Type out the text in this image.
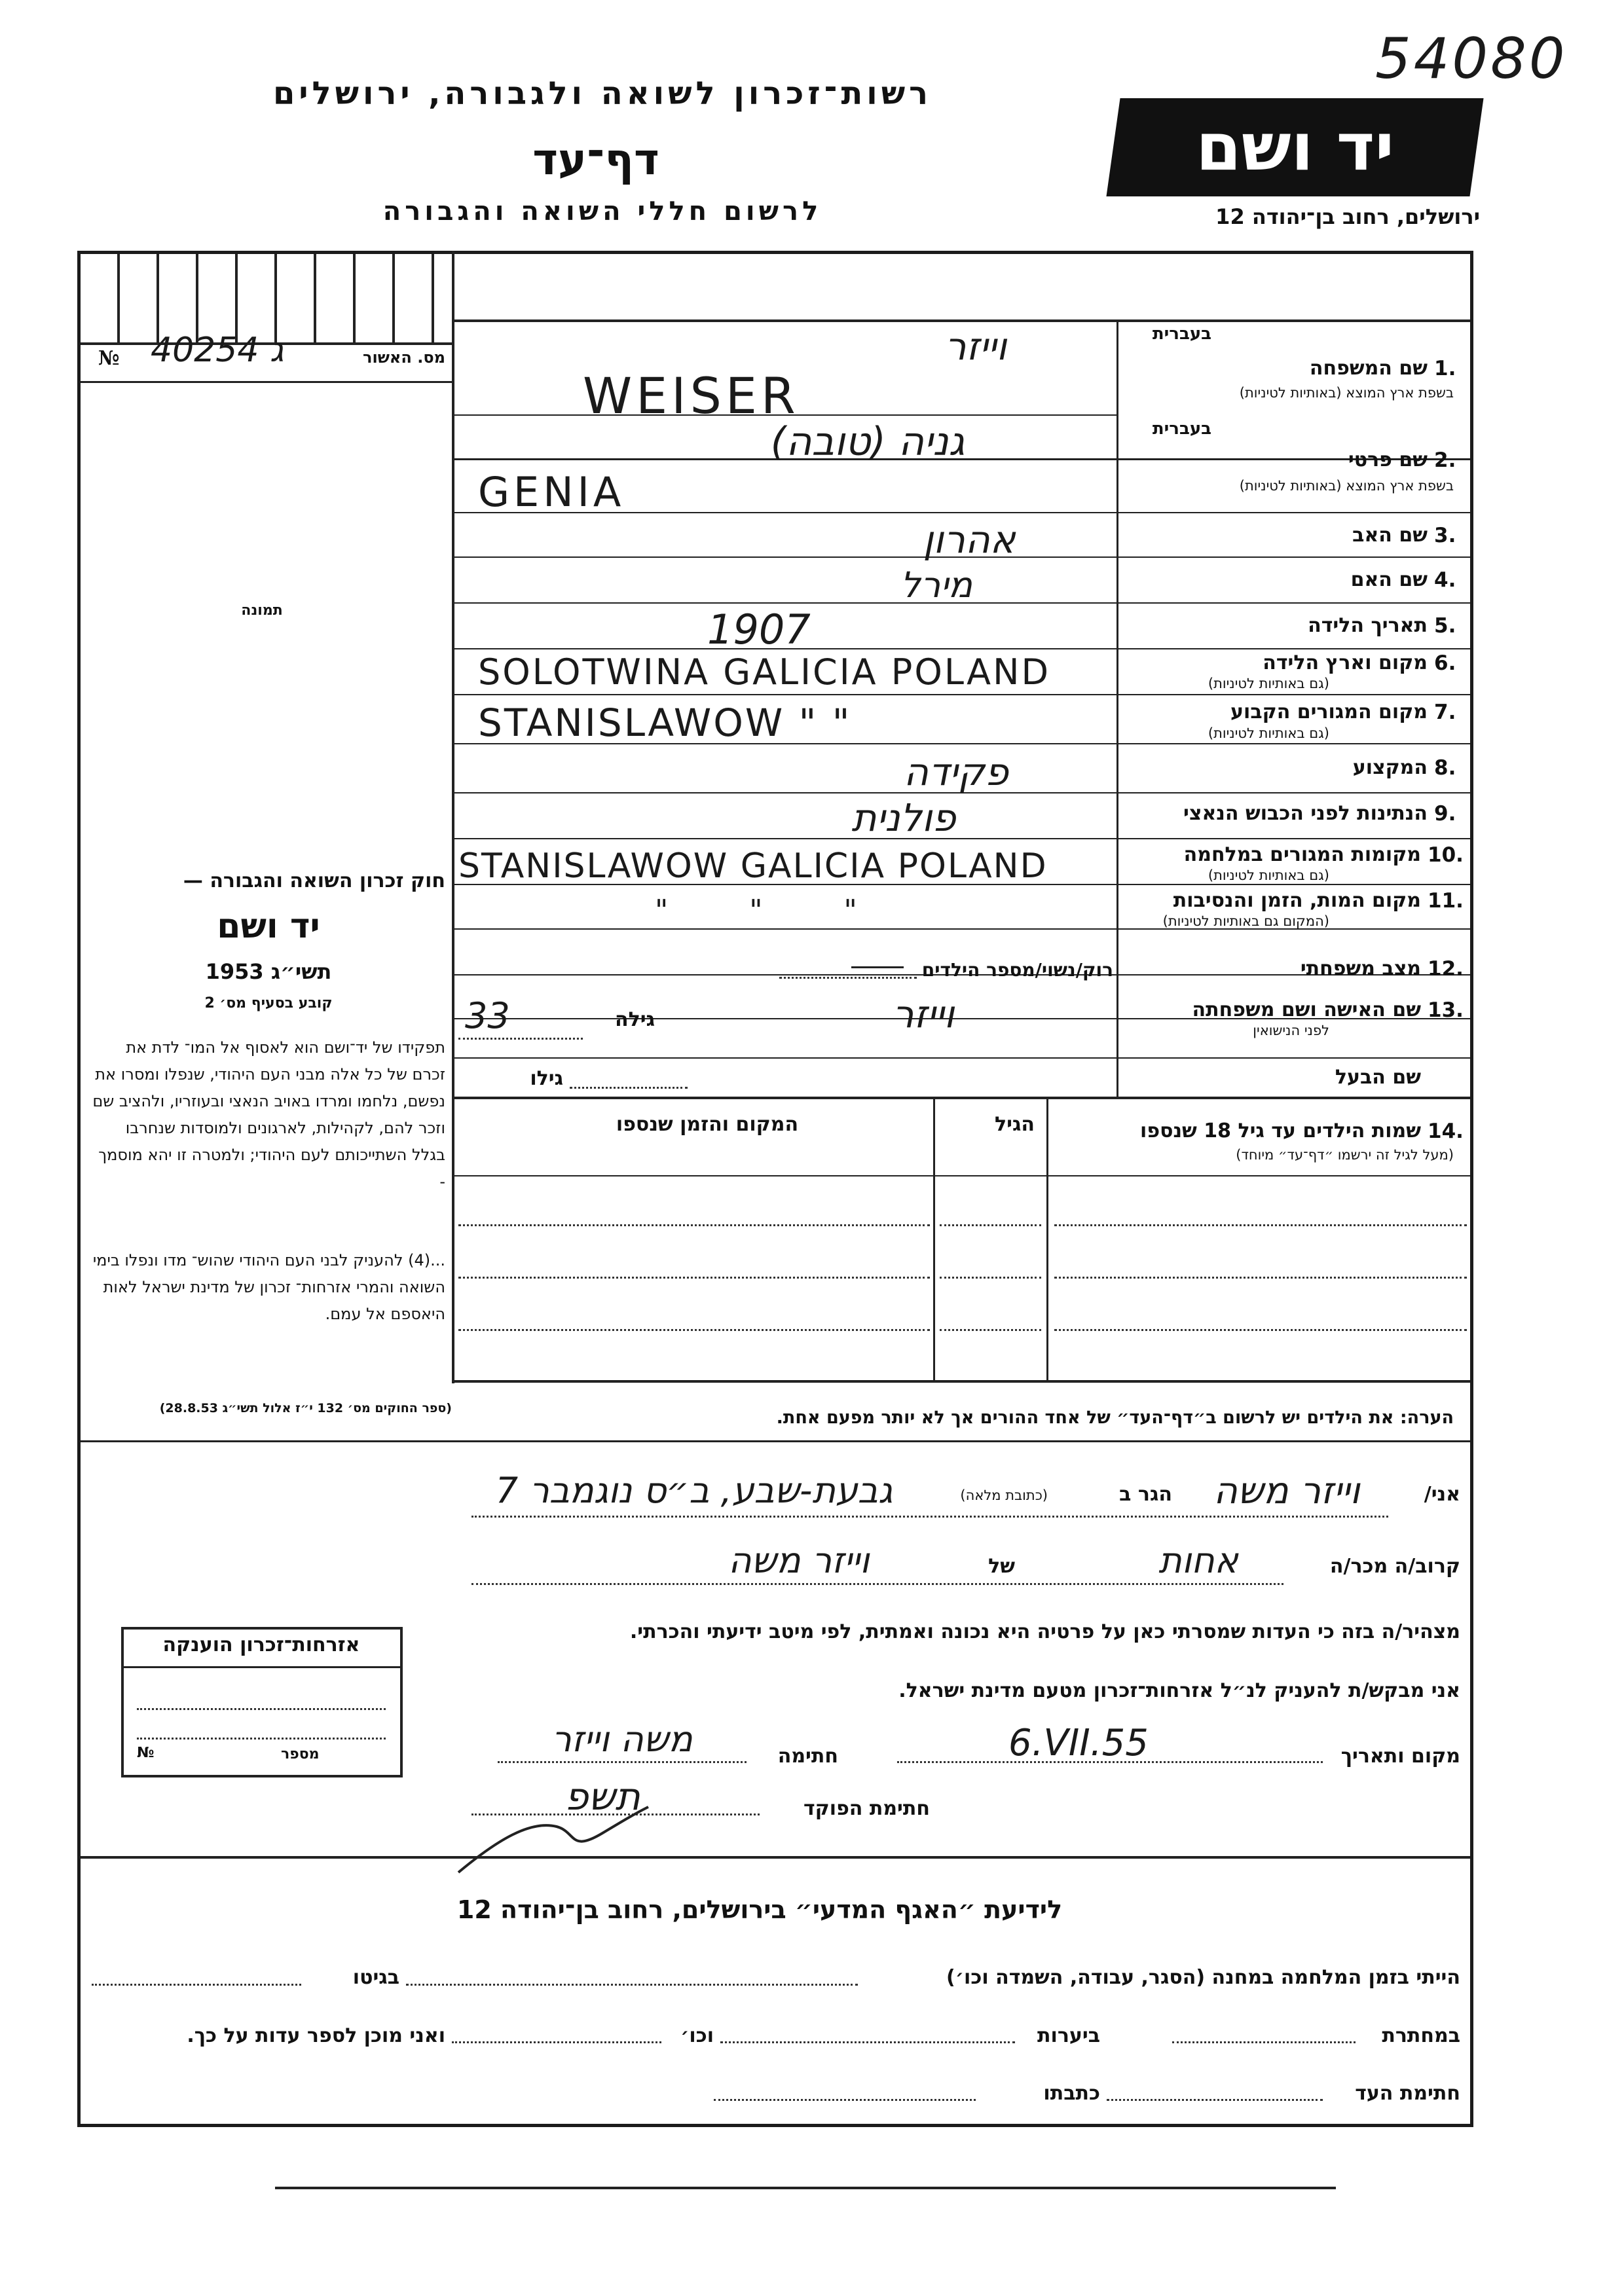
54080
רשות־זכרון לשואה ולגבורה, ירושלים
דף־עד
לרשום חללי השואה והגבורה
יד ושם
ירושלים, רחוב בן־יהודה 12
№ 40254 ג	מס. האשור
תמונה
חוק זכרון השואה והגבורה —
יד ושם
תשי״ג 1953
קובע בסעיף מס׳ 2
תפקידו של יד־ושם הוא לאסוף אל המו־ לדת את זכרם של כל אלה מבני העם היהודי, שנפלו ומסרו את נפשם, נלחמו ומרדו באויב הנאצי ובעוזריו, ולהציב שם וזכר להם, לקהילות, לארגונים ולמוסדות שנחרבו בגלל השתייכותם לעם היהודי; ולמטרה זו יהא מוסמך -
...(4) להעניק לבני העם היהודי שהוש־ מדו ונפלו בימי השואה והמרי אזרחות־ זכרון של מדינת ישראל לאות היאספם אל עמם.
(ספר החוקים מס׳ 132 י״ז אלול תשי״ג 28.8.53)
בעברית
1.
שם המשפחה
בשפת ארץ המוצא (באותיות לטיניות)
וייזר
WEISER
בעברית
2.
שם פרטי
בשפת ארץ המוצא (באותיות לטיניות)
גניה (טובה)
GENIA
3.
שם האב
אהרון
4.
שם האם
מירל
5.
תאריך הלידה
1907
6.
מקום וארץ הלידה
(גם באותיות לטיניות)
SOLOTWINA GALICIA POLAND
7.
מקום המגורים הקבוע
(גם באותיות לטיניות)
STANISLAWOW " "
8.
המקצוע
פקידה
9.
הנתינות לפני הכבוש הנאצי
פולנית
10.
מקומות המגורים במלחמה
(גם באותיות לטיניות)
STANISLAWOW GALICIA POLAND
11.
מקום המות, הזמן והנסיבות
(המקום גם באותיות לטיניות)
" " "
12.
מצב משפחתי
רוק/נשוי/מספר הילדים
13.
שם האישה ושם משפחתה
לפני הנישואין
וייזר
גילה
33
שם הבעל
גילו
14.
שמות הילדים עד גיל 18 שנספו
(מעל לגיל זה ירשמו ״דף־עד״ מיוחד)
הגיל
המקום והזמן שנספו
הערה: את הילדים יש לרשום ב״דף־העד״ של אחד ההורים אך לא יותר מפעם אחת.
אני/
וייזר משה
הגר ב
(כתובת מלאה)
גבעת-שבע, ב״ס נוגמבר 7
קרוב/ה מכר/ה
אחות
של
וייזר משה
מצהיר/ה בזה כי העדות שמסרתי כאן על פרטיה היא נכונה ואמתית, לפי מיטב ידיעתי והכרתי.
אני מבקש/ת להעניק לנ״ל אזרחות־זכרון מטעם מדינת ישראל.
מקום ותאריך
6.VII.55
חתימה
משה וייזר
חתימת הפוקד
תשפ
אזרחות־זכרון הוענקה
מספר
№
לידיעת ״האגף המדעי״ בירושלים, רחוב בן־יהודה 12
הייתי בזמן המלחמה במחנה (הסגר, עבודה, השמדה וכו׳)
בגיטו
במחתרת
ביערות
וכו׳
ואני מוכן לספר עדות על כך.
חתימת העד
כתבתו
